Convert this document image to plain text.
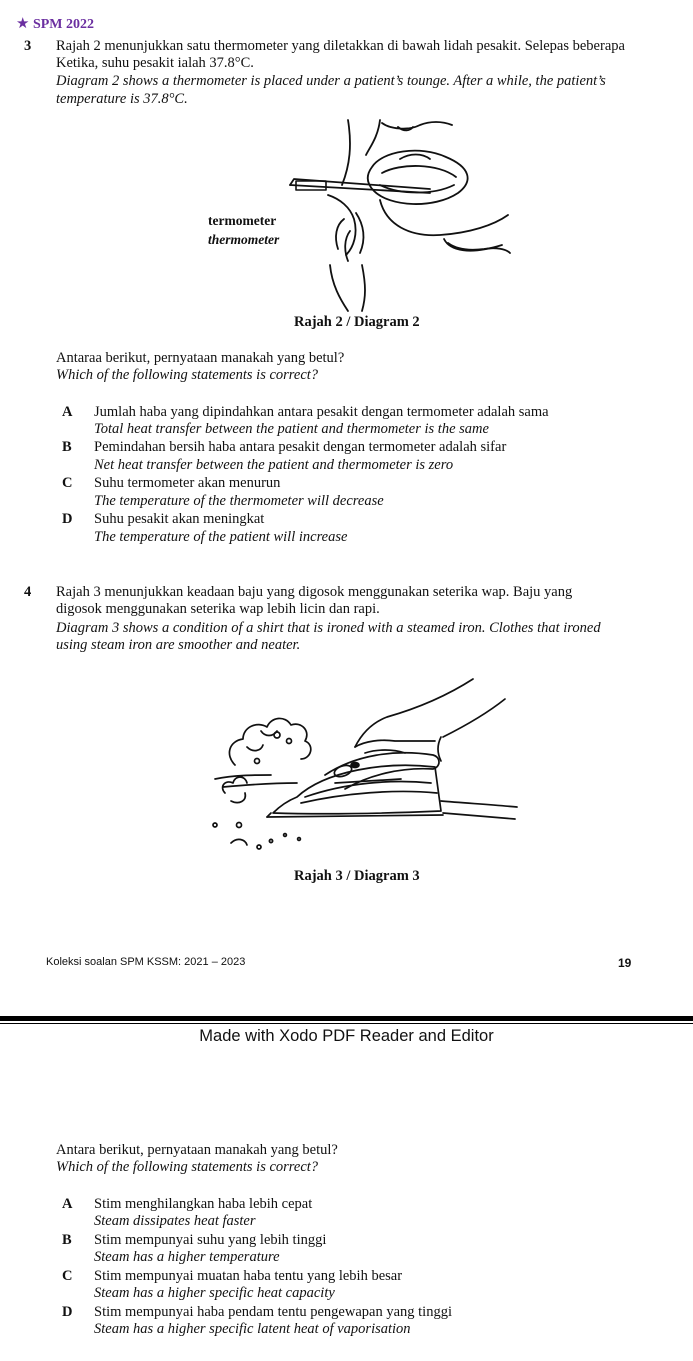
★ SPM 2022
3 Rajah 2 menunjukkan satu thermometer yang diletakkan di bawah lidah pesakit. Selepas beberapa
Ketika, suhu pesakit ialah 37.8°C.
Diagram 2 shows a thermometer is placed under a patient’s tounge. After a while, the patient’s
temperature is 37.8°C.
termometer
thermometer
Rajah 2 / Diagram 2
Antaraa berikut, pernyataan manakah yang betul?
Which of the following statements is correct?
A Jumlah haba yang dipindahkan antara pesakit dengan termometer adalah sama
Total heat transfer between the patient and thermometer is the same
B Pemindahan bersih haba antara pesakit dengan termometer adalah sifar
Net heat transfer between the patient and thermometer is zero
C Suhu termometer akan menurun
The temperature of the thermometer will decrease
D Suhu pesakit akan meningkat
The temperature of the patient will increase
4 Rajah 3 menunjukkan keadaan baju yang digosok menggunakan seterika wap. Baju yang
digosok menggunakan seterika wap lebih licin dan rapi.
Diagram 3 shows a condition of a shirt that is ironed with a steamed iron. Clothes that ironed
using steam iron are smoother and neater.
Rajah 3 / Diagram 3
Koleksi soalan SPM KSSM: 2021 – 2023	19
Made with Xodo PDF Reader and Editor
Antara berikut, pernyataan manakah yang betul?
Which of the following statements is correct?
A Stim menghilangkan haba lebih cepat
Steam dissipates heat faster
B Stim mempunyai suhu yang lebih tinggi
Steam has a higher temperature
C Stim mempunyai muatan haba tentu yang lebih besar
Steam has a higher specific heat capacity
D Stim mempunyai haba pendam tentu pengewapan yang tinggi
Steam has a higher specific latent heat of vaporisation
